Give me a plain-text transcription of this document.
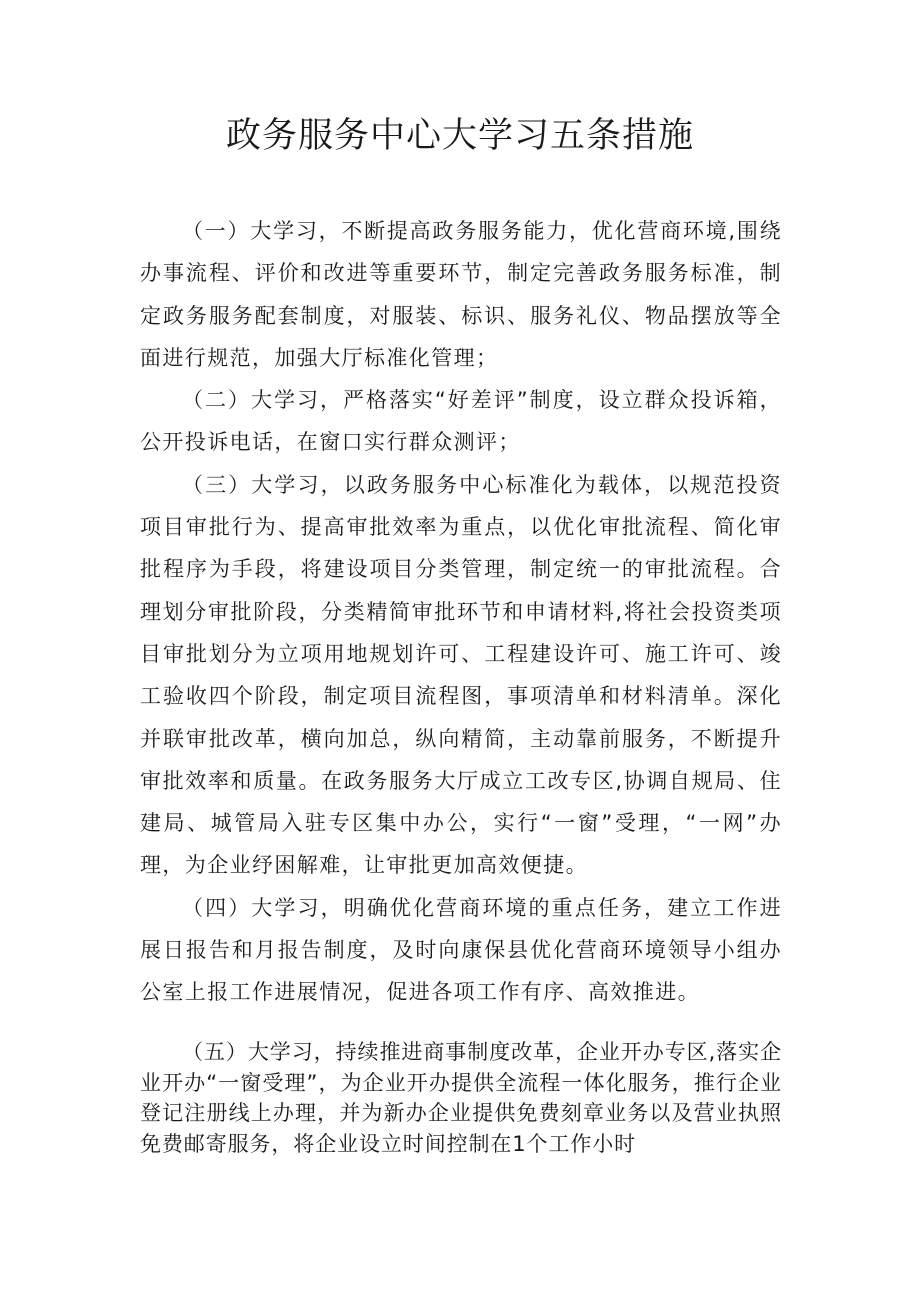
政务服务中心大学习五条措施

（一）大学习，不断提高政务服务能力，优化营商环境,围绕办事流程、评价和改进等重要环节，制定完善政务服务标准，制定政务服务配套制度，对服装、标识、服务礼仪、物品摆放等全面进行规范，加强大厅标准化管理；

（二）大学习，严格落实“好差评”制度，设立群众投诉箱，公开投诉电话，在窗口实行群众测评；

（三）大学习，以政务服务中心标准化为载体，以规范投资项目审批行为、提高审批效率为重点，以优化审批流程、简化审批程序为手段，将建设项目分类管理，制定统一的审批流程。合理划分审批阶段，分类精简审批环节和申请材料,将社会投资类项目审批划分为立项用地规划许可、工程建设许可、施工许可、竣工验收四个阶段，制定项目流程图，事项清单和材料清单。深化并联审批改革，横向加总，纵向精简，主动靠前服务，不断提升审批效率和质量。在政务服务大厅成立工改专区,协调自规局、住建局、城管局入驻专区集中办公，实行“一窗”受理，“一网”办理，为企业纾困解难，让审批更加高效便捷。

（四）大学习，明确优化营商环境的重点任务，建立工作进展日报告和月报告制度，及时向康保县优化营商环境领导小组办公室上报工作进展情况，促进各项工作有序、高效推进。

（五）大学习，持续推进商事制度改革，企业开办专区,落实企业开办“一窗受理”，为企业开办提供全流程一体化服务，推行企业登记注册线上办理，并为新办企业提供免费刻章业务以及营业执照免费邮寄服务，将企业设立时间控制在1个工作小时
